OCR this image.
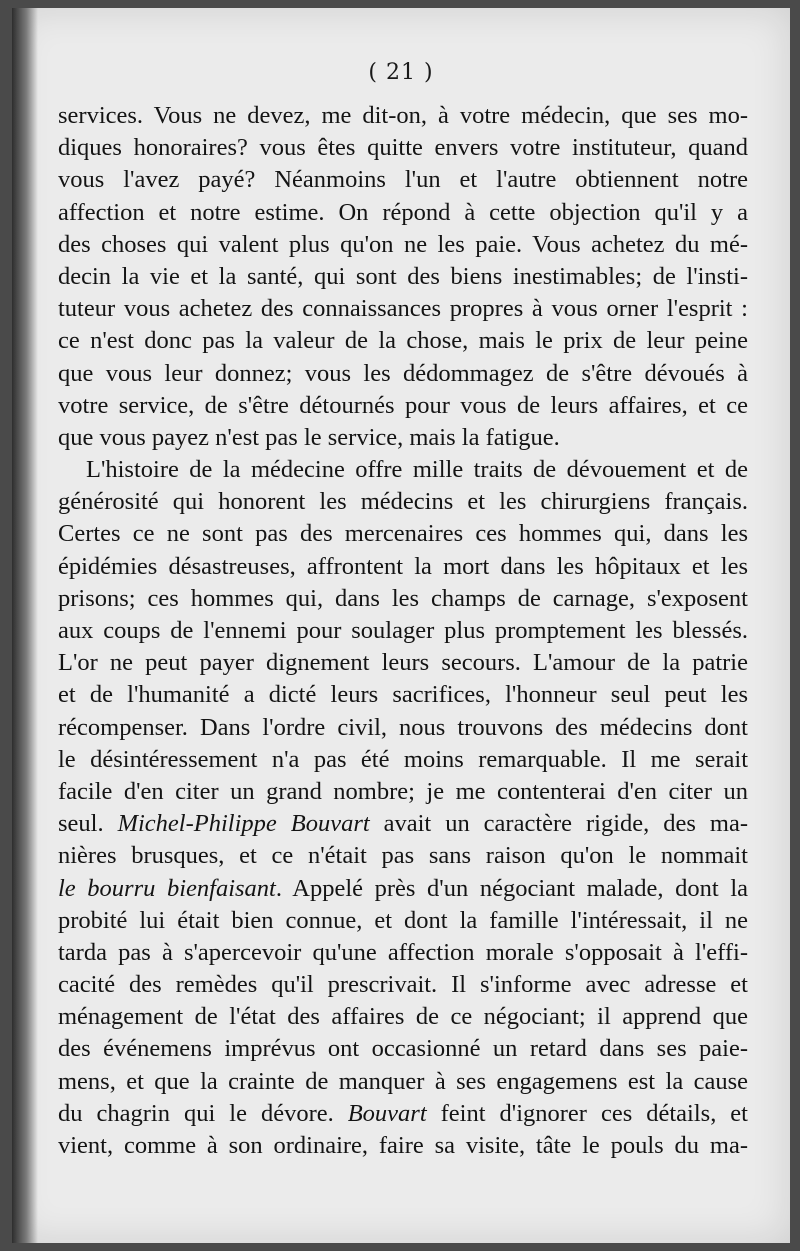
( 21 )
services. Vous ne devez, me dit-on, à votre médecin, que ses mo-
diques honoraires? vous êtes quitte envers votre instituteur, quand
vous l'avez payé? Néanmoins l'un et l'autre obtiennent notre
affection et notre estime. On répond à cette objection qu'il y a
des choses qui valent plus qu'on ne les paie. Vous achetez du mé-
decin la vie et la santé, qui sont des biens inestimables; de l'insti-
tuteur vous achetez des connaissances propres à vous orner l'esprit :
ce n'est donc pas la valeur de la chose, mais le prix de leur peine
que vous leur donnez; vous les dédommagez de s'être dévoués à
votre service, de s'être détournés pour vous de leurs affaires, et ce
que vous payez n'est pas le service, mais la fatigue.
L'histoire de la médecine offre mille traits de dévouement et de
générosité qui honorent les médecins et les chirurgiens français.
Certes ce ne sont pas des mercenaires ces hommes qui, dans les
épidémies désastreuses, affrontent la mort dans les hôpitaux et les
prisons; ces hommes qui, dans les champs de carnage, s'exposent
aux coups de l'ennemi pour soulager plus promptement les blessés.
L'or ne peut payer dignement leurs secours. L'amour de la patrie
et de l'humanité a dicté leurs sacrifices, l'honneur seul peut les
récompenser. Dans l'ordre civil, nous trouvons des médecins dont
le désintéressement n'a pas été moins remarquable. Il me serait
facile d'en citer un grand nombre; je me contenterai d'en citer un
seul. Michel-Philippe Bouvart avait un caractère rigide, des ma-
nières brusques, et ce n'était pas sans raison qu'on le nommait
le bourru bienfaisant. Appelé près d'un négociant malade, dont la
probité lui était bien connue, et dont la famille l'intéressait, il ne
tarda pas à s'apercevoir qu'une affection morale s'opposait à l'effi-
cacité des remèdes qu'il prescrivait. Il s'informe avec adresse et
ménagement de l'état des affaires de ce négociant; il apprend que
des événemens imprévus ont occasionné un retard dans ses paie-
mens, et que la crainte de manquer à ses engagemens est la cause
du chagrin qui le dévore. Bouvart feint d'ignorer ces détails, et
vient, comme à son ordinaire, faire sa visite, tâte le pouls du ma-
